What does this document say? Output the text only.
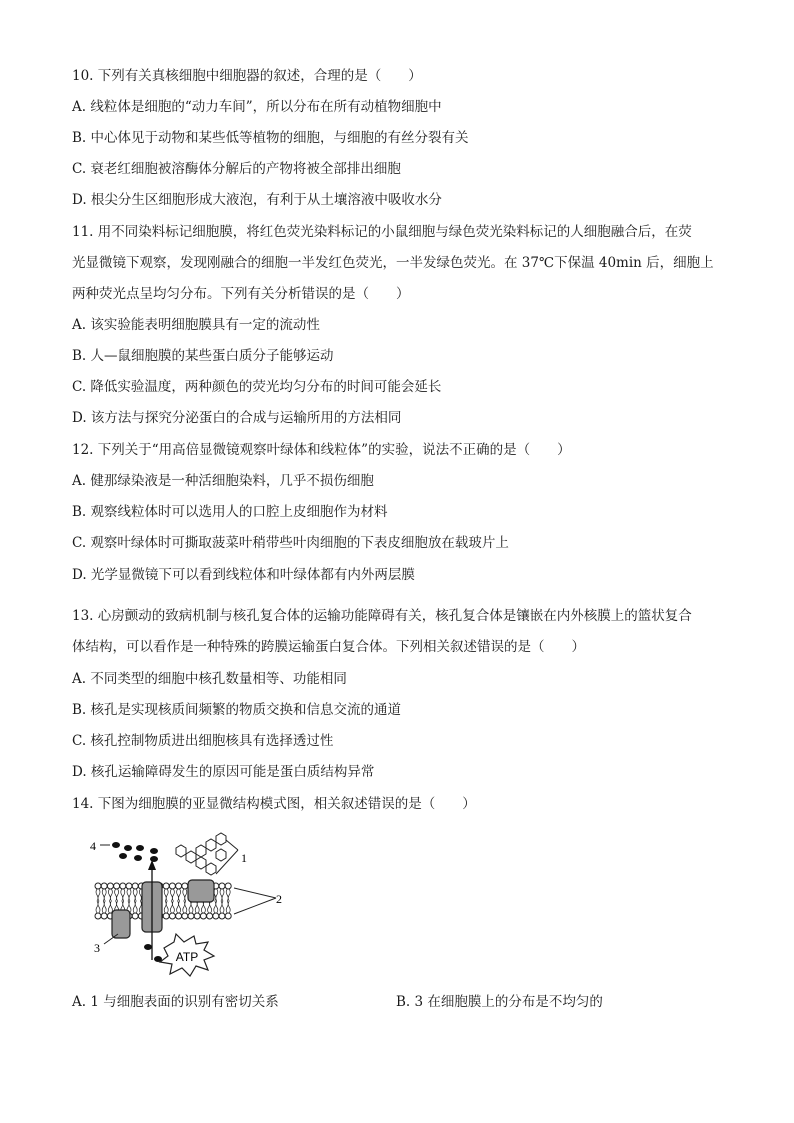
10. 下列有关真核细胞中细胞器的叙述，合理的是（　　）
A. 线粒体是细胞的“动力车间”，所以分布在所有动植物细胞中
B. 中心体见于动物和某些低等植物的细胞，与细胞的有丝分裂有关
C. 衰老红细胞被溶酶体分解后的产物将被全部排出细胞
D. 根尖分生区细胞形成大液泡，有利于从土壤溶液中吸收水分
11. 用不同染料标记细胞膜，将红色荧光染料标记的小鼠细胞与绿色荧光染料标记的人细胞融合后，在荧
光显微镜下观察，发现刚融合的细胞一半发红色荧光，一半发绿色荧光。在 37℃下保温 40min 后，细胞上
两种荧光点呈均匀分布。下列有关分析错误的是（　　）
A. 该实验能表明细胞膜具有一定的流动性
B. 人—鼠细胞膜的某些蛋白质分子能够运动
C. 降低实验温度，两种颜色的荧光均匀分布的时间可能会延长
D. 该方法与探究分泌蛋白的合成与运输所用的方法相同
12. 下列关于“用高倍显微镜观察叶绿体和线粒体”的实验，说法不正确的是（　　）
A. 健那绿染液是一种活细胞染料，几乎不损伤细胞
B. 观察线粒体时可以选用人的口腔上皮细胞作为材料
C. 观察叶绿体时可撕取菠菜叶稍带些叶肉细胞的下表皮细胞放在载玻片上
D. 光学显微镜下可以看到线粒体和叶绿体都有内外两层膜
13. 心房颤动的致病机制与核孔复合体的运输功能障碍有关，核孔复合体是镶嵌在内外核膜上的篮状复合
体结构，可以看作是一种特殊的跨膜运输蛋白复合体。下列相关叙述错误的是（　　）
A. 不同类型的细胞中核孔数量相等、功能相同
B. 核孔是实现核质间频繁的物质交换和信息交流的通道
C. 核孔控制物质进出细胞核具有选择透过性
D. 核孔运输障碍发生的原因可能是蛋白质结构异常
14. 下图为细胞膜的亚显微结构模式图，相关叙述错误的是（　　）
4
1
2
3
ATP
A. 1 与细胞表面的识别有密切关系	B. 3 在细胞膜上的分布是不均匀的
